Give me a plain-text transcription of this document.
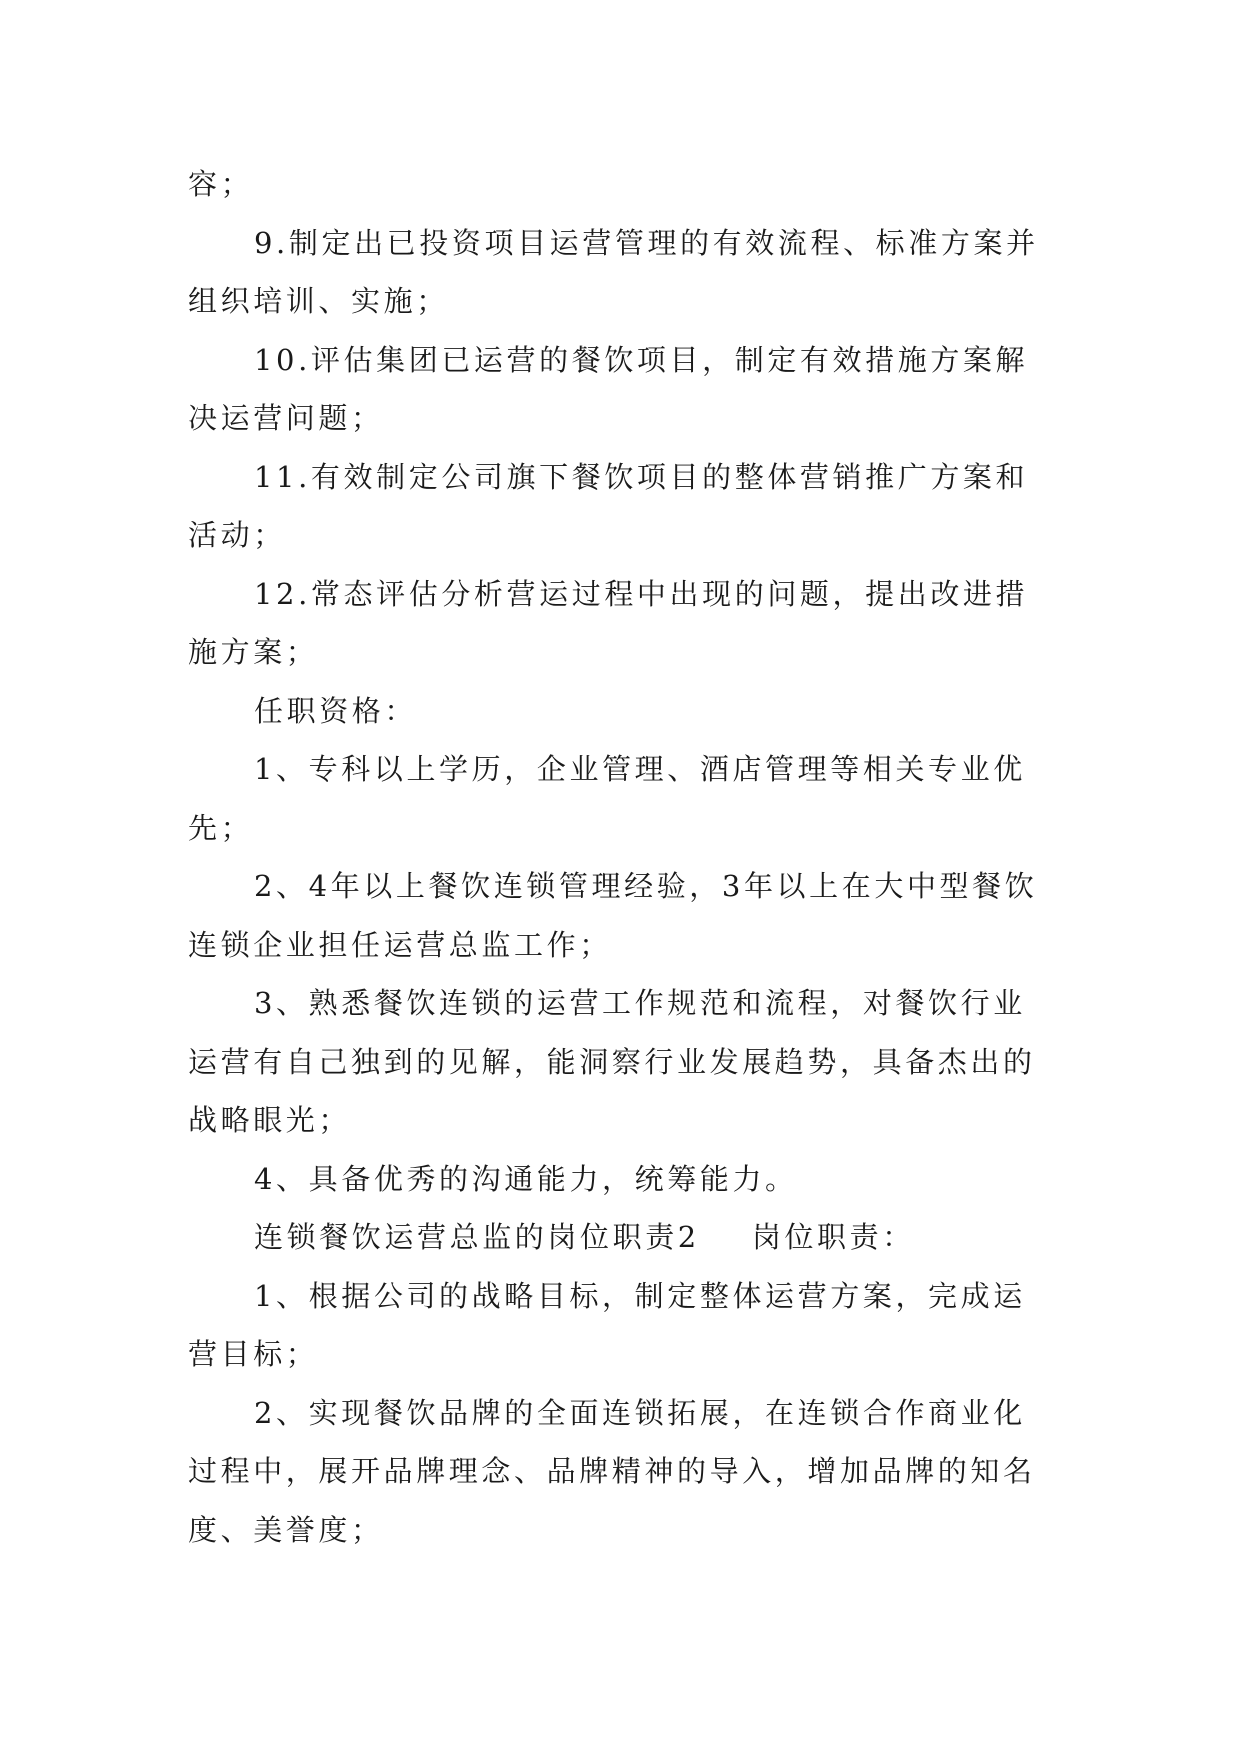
容；

9.制定出已投资项目运营管理的有效流程、标准方案并组织培训、实施；

10.评估集团已运营的餐饮项目，制定有效措施方案解决运营问题；

11.有效制定公司旗下餐饮项目的整体营销推广方案和活动；

12.常态评估分析营运过程中出现的问题，提出改进措施方案；

任职资格：

1、专科以上学历，企业管理、酒店管理等相关专业优先；

2、4年以上餐饮连锁管理经验，3年以上在大中型餐饮连锁企业担任运营总监工作；

3、熟悉餐饮连锁的运营工作规范和流程，对餐饮行业运营有自己独到的见解，能洞察行业发展趋势，具备杰出的战略眼光；

4、具备优秀的沟通能力，统筹能力。

连锁餐饮运营总监的岗位职责2 岗位职责：

1、根据公司的战略目标，制定整体运营方案，完成运营目标；

2、实现餐饮品牌的全面连锁拓展，在连锁合作商业化过程中，展开品牌理念、品牌精神的导入，增加品牌的知名度、美誉度；
